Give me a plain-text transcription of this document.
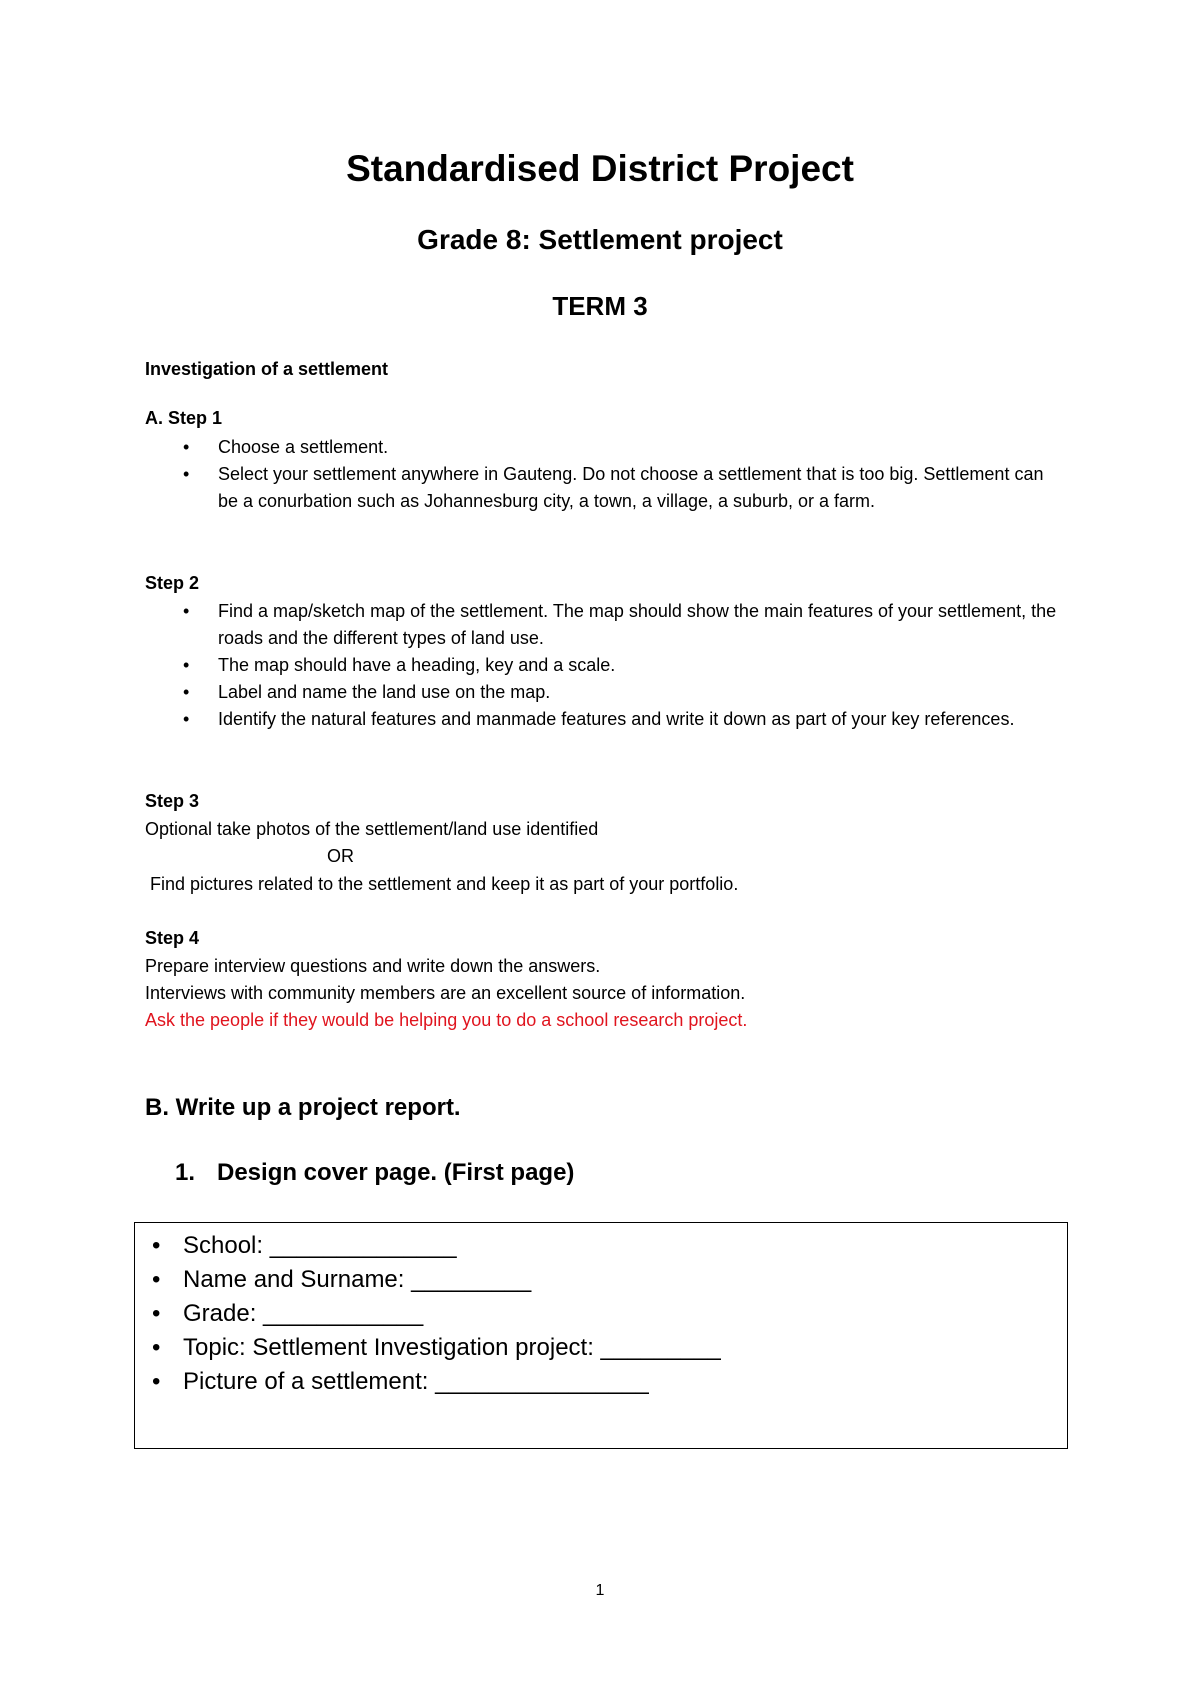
Standardised District Project
Grade 8: Settlement project
TERM 3
Investigation of a settlement
A. Step 1
• Choose a settlement.
• Select your settlement anywhere in Gauteng. Do not choose a settlement that is too big. Settlement can be a conurbation such as Johannesburg city, a town, a village, a suburb, or a farm.
Step 2
• Find a map/sketch map of the settlement. The map should show the main features of your settlement, the roads and the different types of land use.
• The map should have a heading, key and a scale.
• Label and name the land use on the map.
• Identify the natural features and manmade features and write it down as part of your key references.
Step 3
Optional take photos of the settlement/land use identified
OR
Find pictures related to the settlement and keep it as part of your portfolio.
Step 4
Prepare interview questions and write down the answers.
Interviews with community members are an excellent source of information.
Ask the people if they would be helping you to do a school research project.
B. Write up a project report.
1. Design cover page. (First page)
• School: ______________
• Name and Surname: _________
• Grade: ____________
• Topic: Settlement Investigation project: _________
• Picture of a settlement: ________________
1
